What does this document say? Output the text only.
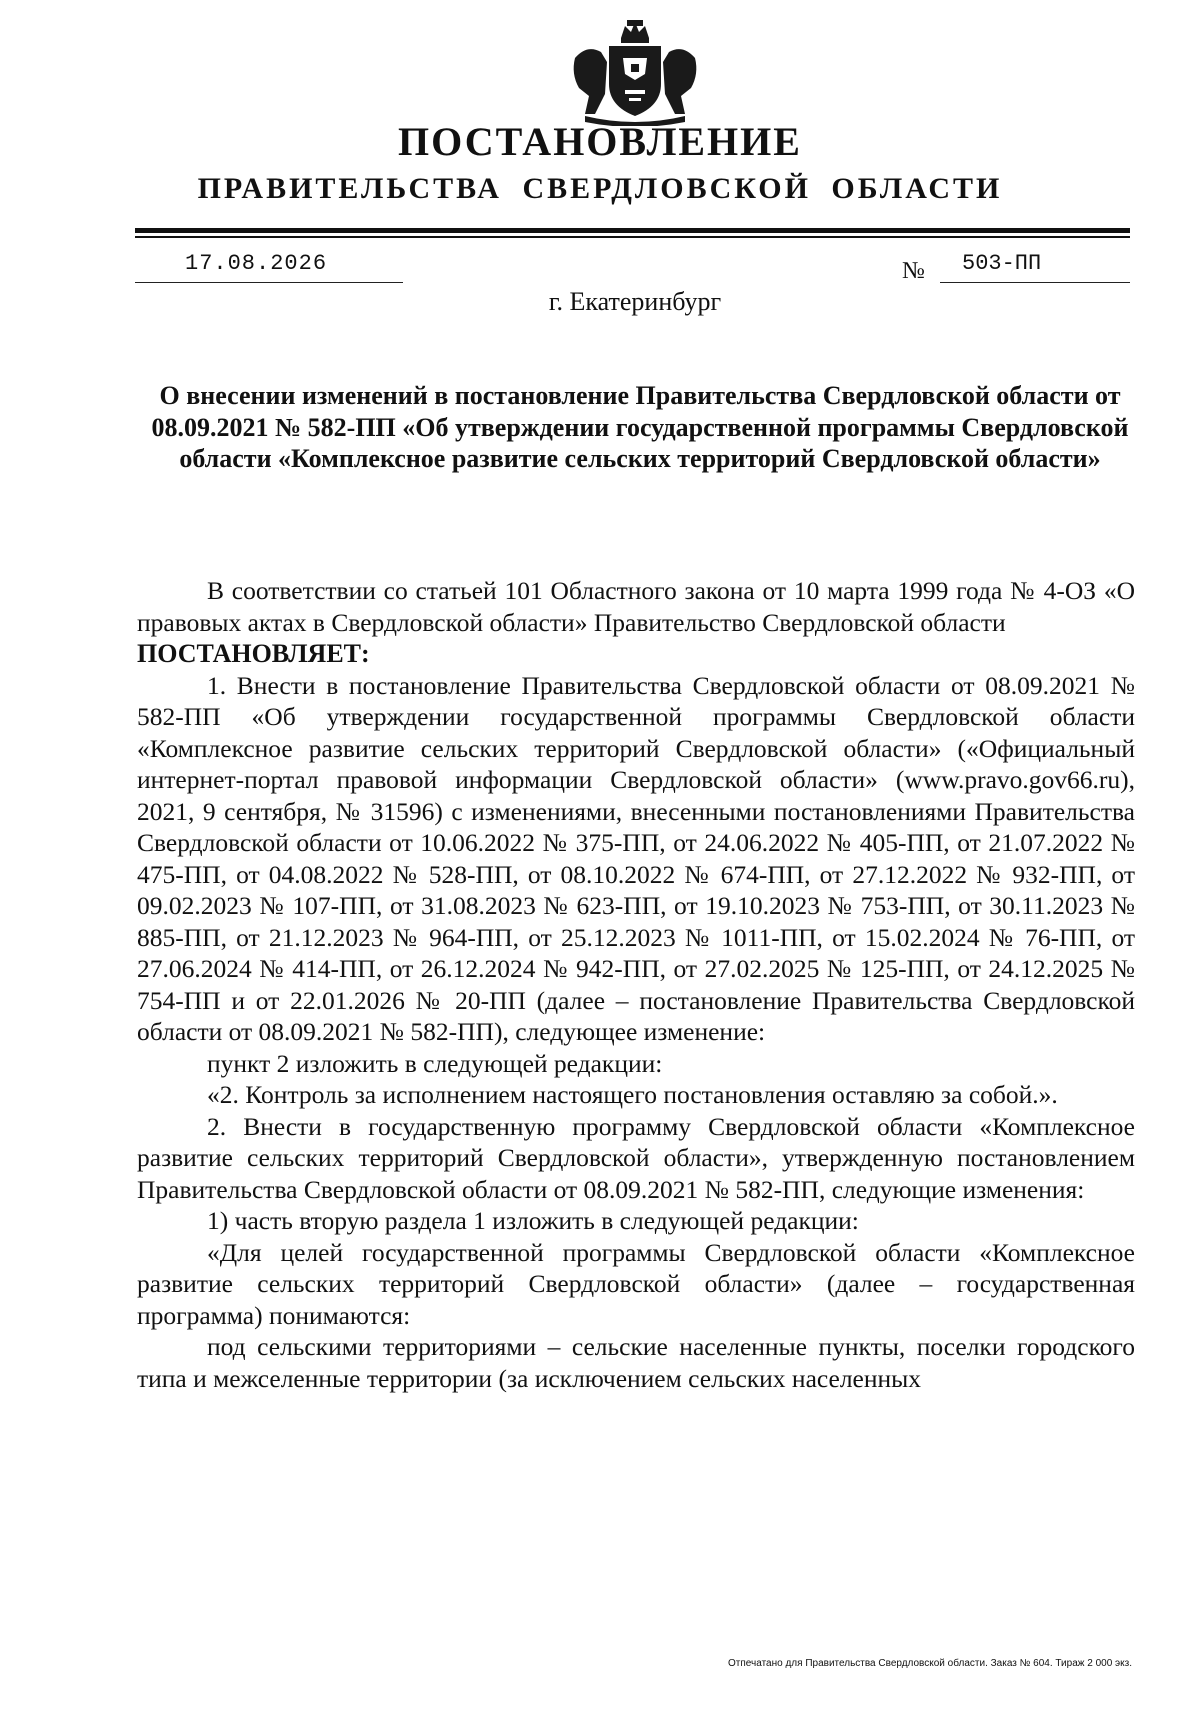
ПОСТАНОВЛЕНИЕ
ПРАВИТЕЛЬСТВА СВЕРДЛОВСКОЙ ОБЛАСТИ
17.08.2026	№ 503-ПП
г. Екатеринбург
О внесении изменений в постановление Правительства Свердловской области от 08.09.2021 № 582-ПП «Об утверждении государственной программы Свердловской области «Комплексное развитие сельских территорий Свердловской области»

В соответствии со статьей 101 Областного закона от 10 марта 1999 года № 4-ОЗ «О правовых актах в Свердловской области» Правительство Свердловской области

ПОСТАНОВЛЯЕТ:

1. Внести в постановление Правительства Свердловской области от 08.09.2021 № 582-ПП «Об утверждении государственной программы Свердловской области «Комплексное развитие сельских территорий Свердловской области» («Официальный интернет-портал правовой информации Свердловской области» (www.pravo.gov66.ru), 2021, 9 сентября, № 31596) с изменениями, внесенными постановлениями Правительства Свердловской области от 10.06.2022 № 375-ПП, от 24.06.2022 № 405-ПП, от 21.07.2022 № 475-ПП, от 04.08.2022 № 528-ПП, от 08.10.2022 № 674-ПП, от 27.12.2022 № 932-ПП, от 09.02.2023 № 107-ПП, от 31.08.2023 № 623-ПП, от 19.10.2023 № 753-ПП, от 30.11.2023 № 885-ПП, от 21.12.2023 № 964-ПП, от 25.12.2023 № 1011-ПП, от 15.02.2024 № 76-ПП, от 27.06.2024 № 414-ПП, от 26.12.2024 № 942-ПП, от 27.02.2025 № 125-ПП, от 24.12.2025 № 754-ПП и от 22.01.2026 № 20-ПП (далее – постановление Правительства Свердловской области от 08.09.2021 № 582-ПП), следующее изменение:

пункт 2 изложить в следующей редакции:

«2. Контроль за исполнением настоящего постановления оставляю за собой.».

2. Внести в государственную программу Свердловской области «Комплексное развитие сельских территорий Свердловской области», утвержденную постановлением Правительства Свердловской области от 08.09.2021 № 582-ПП, следующие изменения:

1) часть вторую раздела 1 изложить в следующей редакции:

«Для целей государственной программы Свердловской области «Комплексное развитие сельских территорий Свердловской области» (далее – государственная программа) понимаются:

под сельскими территориями – сельские населенные пункты, поселки городского типа и межселенные территории (за исключением сельских населенных

Отпечатано для Правительства Свердловской области. Заказ № 604. Тираж 2 000 экз.
